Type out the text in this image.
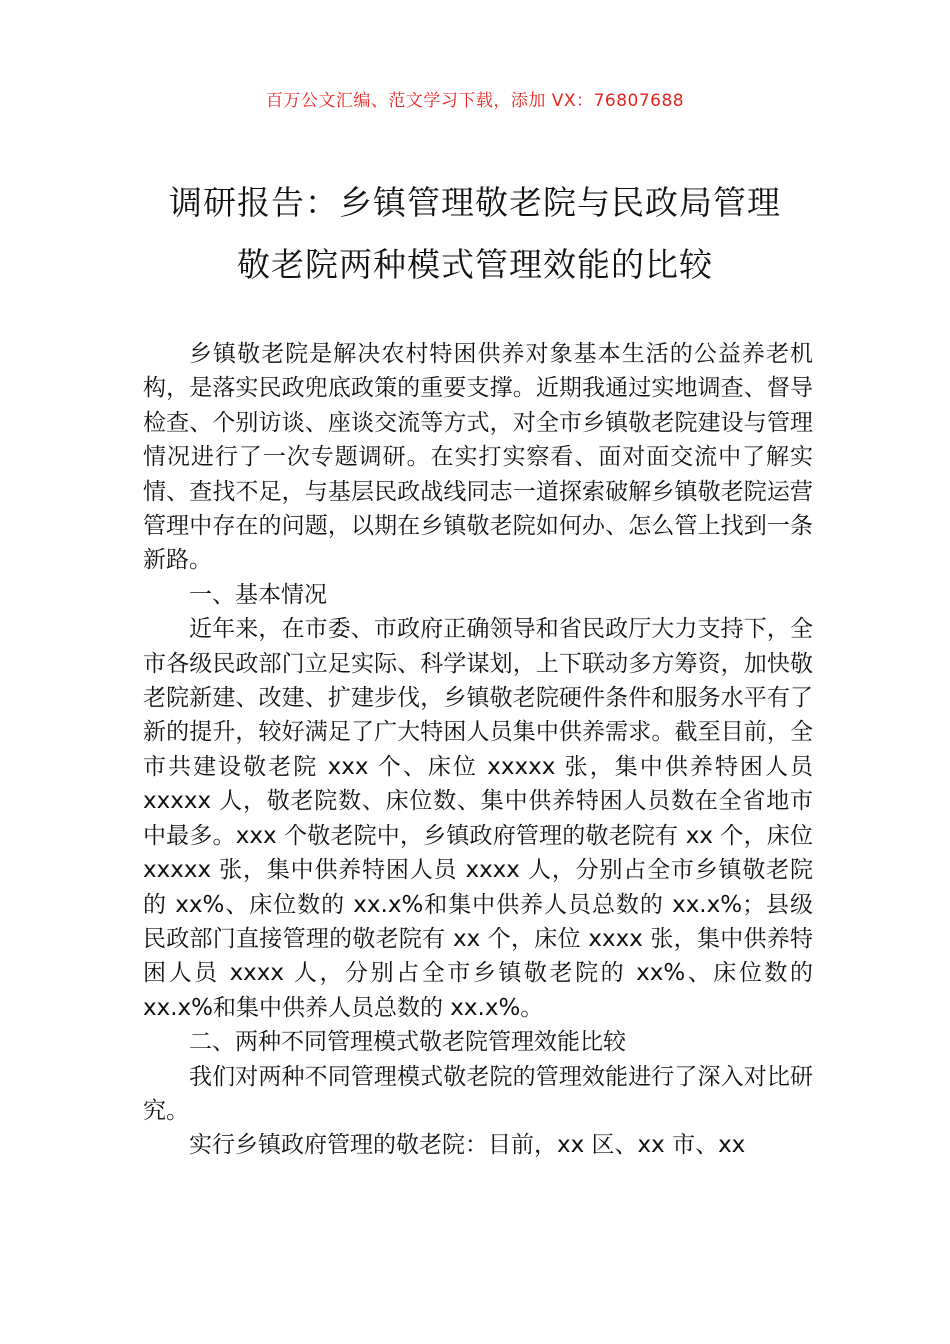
百万公文汇编、范文学习下载，添加 VX：76807688
调研报告：乡镇管理敬老院与民政局管理
敬老院两种模式管理效能的比较

乡镇敬老院是解决农村特困供养对象基本生活的公益养老机构，是落实民政兜底政策的重要支撑。近期我通过实地调查、督导检查、个别访谈、座谈交流等方式，对全市乡镇敬老院建设与管理情况进行了一次专题调研。在实打实察看、面对面交流中了解实情、查找不足，与基层民政战线同志一道探索破解乡镇敬老院运营管理中存在的问题，以期在乡镇敬老院如何办、怎么管上找到一条新路。

一、基本情况

近年来，在市委、市政府正确领导和省民政厅大力支持下，全市各级民政部门立足实际、科学谋划，上下联动多方筹资，加快敬老院新建、改建、扩建步伐，乡镇敬老院硬件条件和服务水平有了新的提升，较好满足了广大特困人员集中供养需求。截至目前，全市共建设敬老院 xxx 个、床位 xxxxx 张，集中供养特困人员 xxxxx 人，敬老院数、床位数、集中供养特困人员数在全省地市中最多。xxx 个敬老院中，乡镇政府管理的敬老院有 xx 个，床位 xxxxx 张，集中供养特困人员 xxxx 人，分别占全市乡镇敬老院的 xx%、床位数的 xx.x%和集中供养人员总数的 xx.x%；县级民政部门直接管理的敬老院有 xx 个，床位 xxxx 张，集中供养特困人员 xxxx 人，分别占全市乡镇敬老院的 xx%、床位数的 xx.x%和集中供养人员总数的 xx.x%。

二、两种不同管理模式敬老院管理效能比较

我们对两种不同管理模式敬老院的管理效能进行了深入对比研究。

实行乡镇政府管理的敬老院：目前，xx 区、xx 市、xx
